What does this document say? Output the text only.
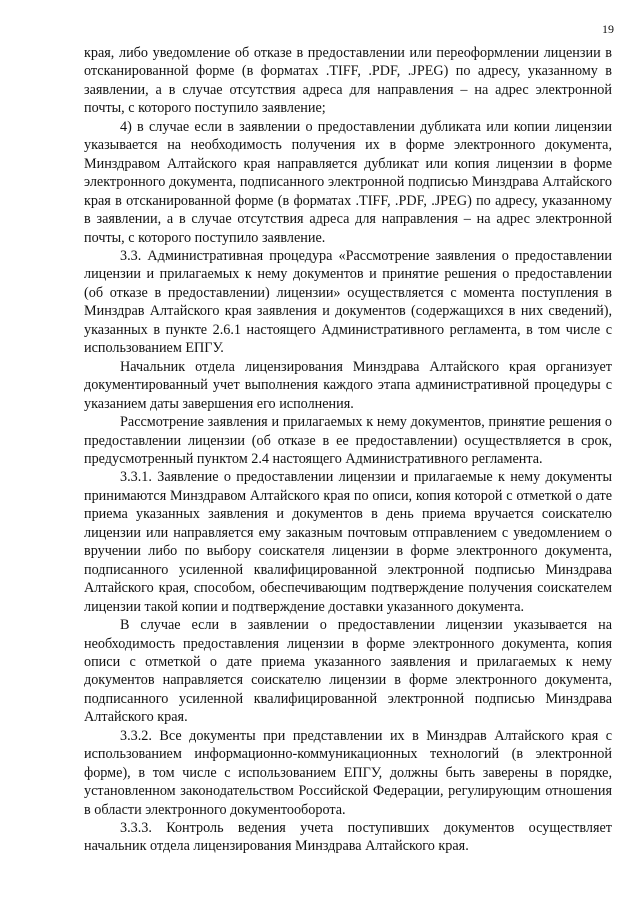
19

края, либо уведомление об отказе в предоставлении или переоформлении лицензии в отсканированной форме (в форматах .TIFF, .PDF, .JPEG) по адресу, указанному в заявлении, а в случае отсутствия адреса для направления – на адрес электронной почты, с которого поступило заявление;

4) в случае если в заявлении о предоставлении дубликата или копии лицензии указывается на необходимость получения их в форме электронного документа, Минздравом Алтайского края направляется дубликат или копия лицензии в форме электронного документа, подписанного электронной подписью Минздрава Алтайского края в отсканированной форме (в форматах .TIFF, .PDF, .JPEG) по адресу, указанному в заявлении, а в случае отсутствия адреса для направления – на адрес электронной почты, с которого поступило заявление.

3.3. Административная процедура «Рассмотрение заявления о предоставлении лицензии и прилагаемых к нему документов и принятие решения о предоставлении (об отказе в предоставлении) лицензии» осуществляется с момента поступления в Минздрав Алтайского края заявления и документов (содержащихся в них сведений), указанных в пункте 2.6.1 настоящего Административного регламента, в том числе с использованием ЕПГУ.

Начальник отдела лицензирования Минздрава Алтайского края организует документированный учет выполнения каждого этапа административной процедуры с указанием даты завершения его исполнения.

Рассмотрение заявления и прилагаемых к нему документов, принятие решения о предоставлении лицензии (об отказе в ее предоставлении) осуществляется в срок, предусмотренный пунктом 2.4 настоящего Административного регламента.

3.3.1. Заявление о предоставлении лицензии и прилагаемые к нему документы принимаются Минздравом Алтайского края по описи, копия которой с отметкой о дате приема указанных заявления и документов в день приема вручается соискателю лицензии или направляется ему заказным почтовым отправлением с уведомлением о вручении либо по выбору соискателя лицензии в форме электронного документа, подписанного усиленной квалифицированной электронной подписью Минздрава Алтайского края, способом, обеспечивающим подтверждение получения соискателем лицензии такой копии и подтверждение доставки указанного документа.

В случае если в заявлении о предоставлении лицензии указывается на необходимость предоставления лицензии в форме электронного документа, копия описи с отметкой о дате приема указанного заявления и прилагаемых к нему документов направляется соискателю лицензии в форме электронного документа, подписанного усиленной квалифицированной электронной подписью Минздрава Алтайского края.

3.3.2. Все документы при представлении их в Минздрав Алтайского края с использованием информационно-коммуникационных технологий (в электронной форме), в том числе с использованием ЕПГУ, должны быть заверены в порядке, установленном законодательством Российской Федерации, регулирующим отношения в области электронного документооборота.

3.3.3. Контроль ведения учета поступивших документов осуществляет начальник отдела лицензирования Минздрава Алтайского края.
